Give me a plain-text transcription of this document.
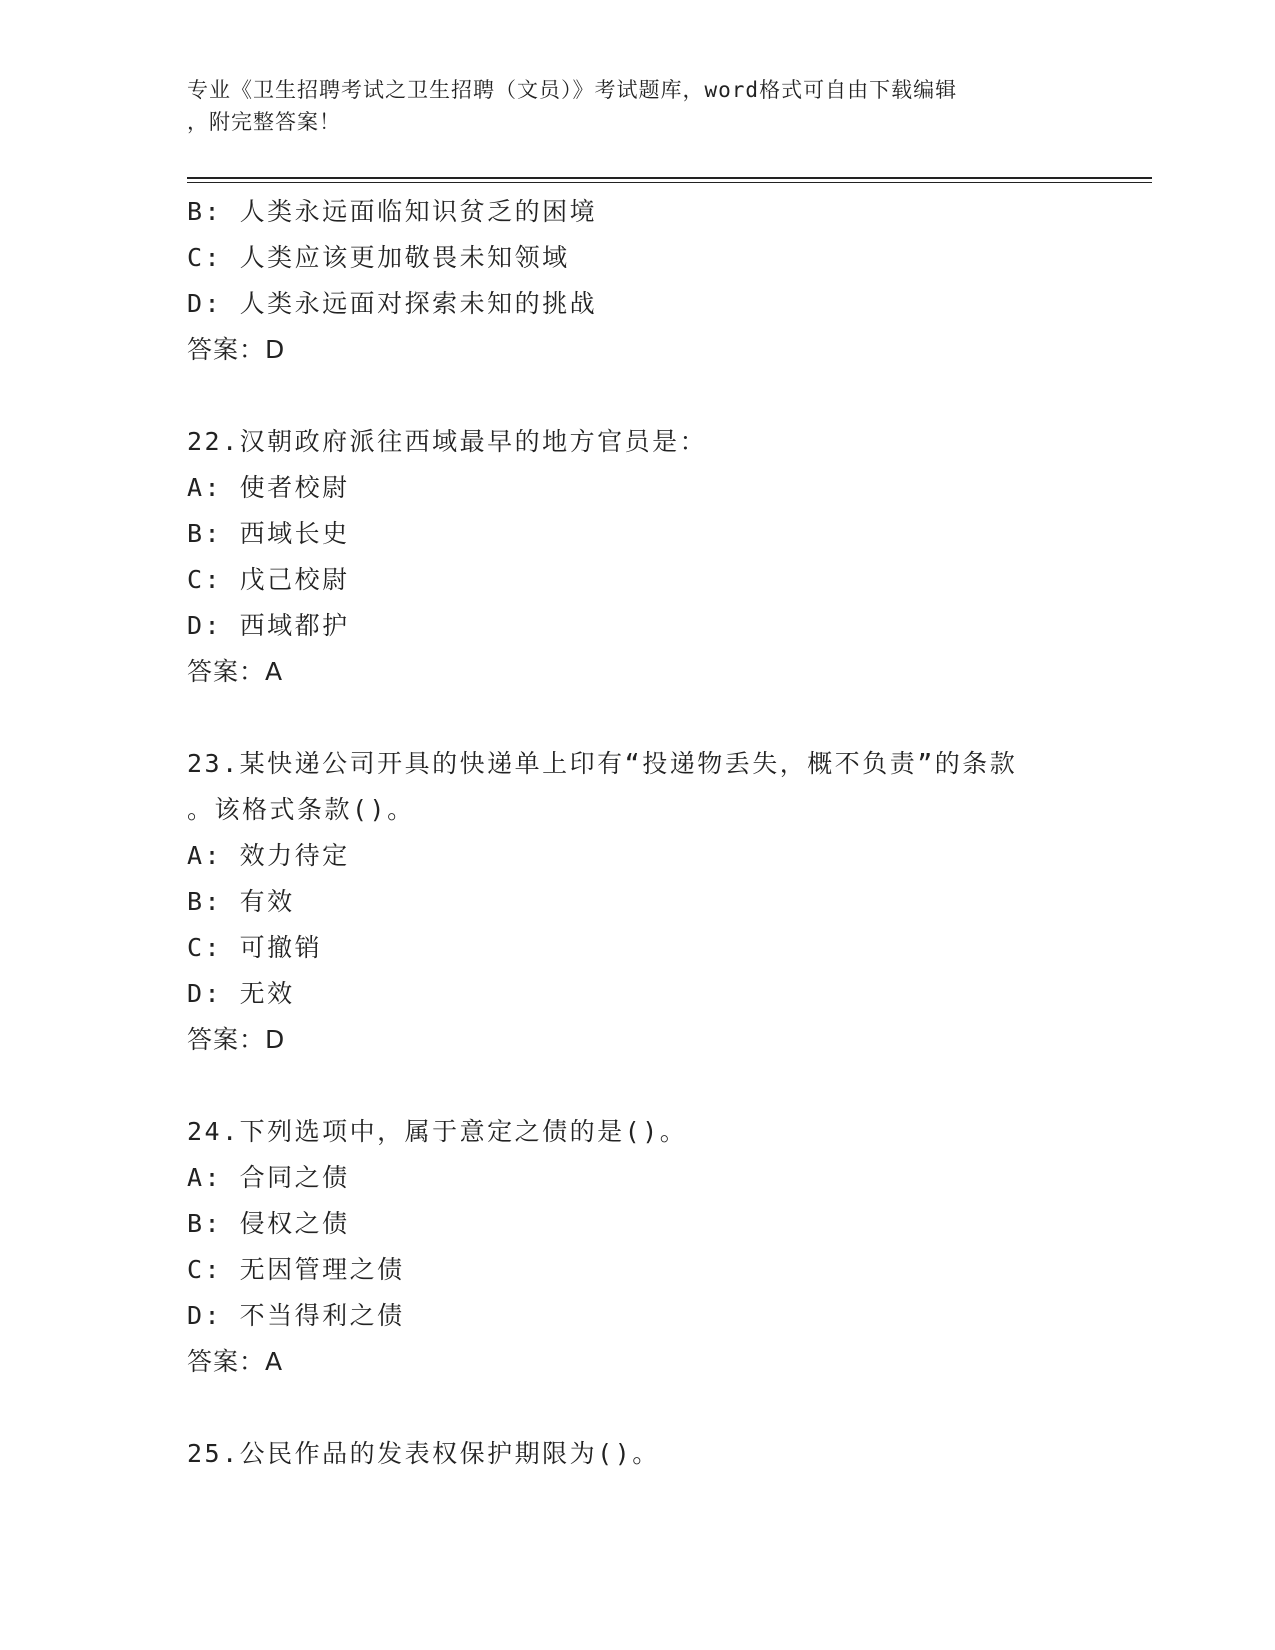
专业《卫生招聘考试之卫生招聘（文员）》考试题库，word格式可自由下载编辑
，附完整答案！
B: 人类永远面临知识贫乏的困境
C: 人类应该更加敬畏未知领域
D: 人类永远面对探索未知的挑战
答案：D
22.汉朝政府派往西域最早的地方官员是：
A: 使者校尉
B: 西域长史
C: 戊己校尉
D: 西域都护
答案：A
23.某快递公司开具的快递单上印有“投递物丢失，概不负责”的条款
。该格式条款()。
A: 效力待定
B: 有效
C: 可撤销
D: 无效
答案：D
24.下列选项中，属于意定之债的是()。
A: 合同之债
B: 侵权之债
C: 无因管理之债
D: 不当得利之债
答案：A
25.公民作品的发表权保护期限为()。
